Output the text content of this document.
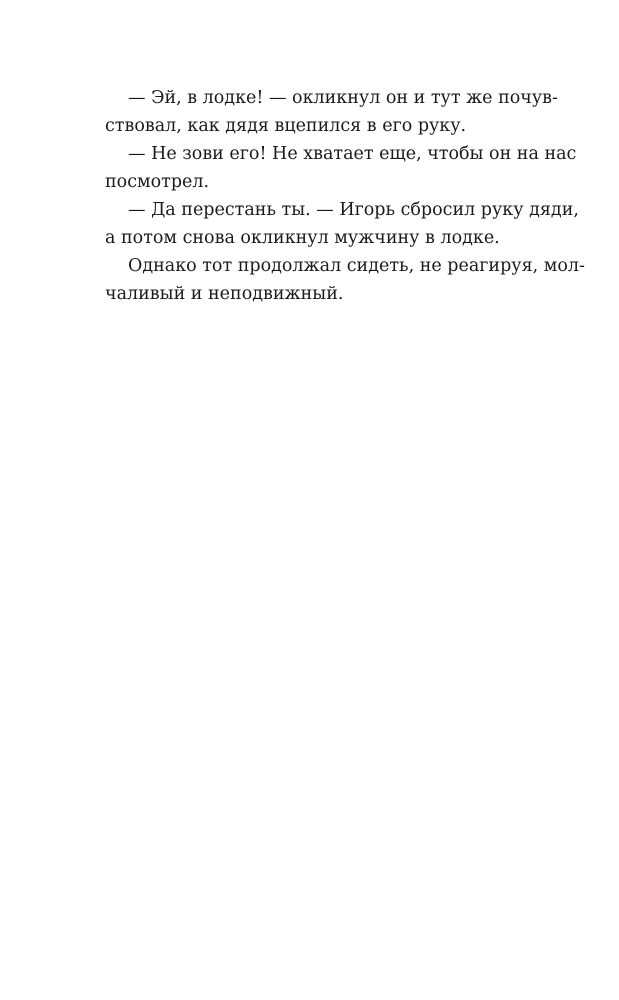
— Эй, в лодке! — окликнул он и тут же почув-
ствовал, как дядя вцепился в его руку.
— Не зови его! Не хватает еще, чтобы он на нас
посмотрел.
— Да перестань ты. — Игорь сбросил руку дяди,
а потом снова окликнул мужчину в лодке.
Однако тот продолжал сидеть, не реагируя, мол-
чаливый и неподвижный.
